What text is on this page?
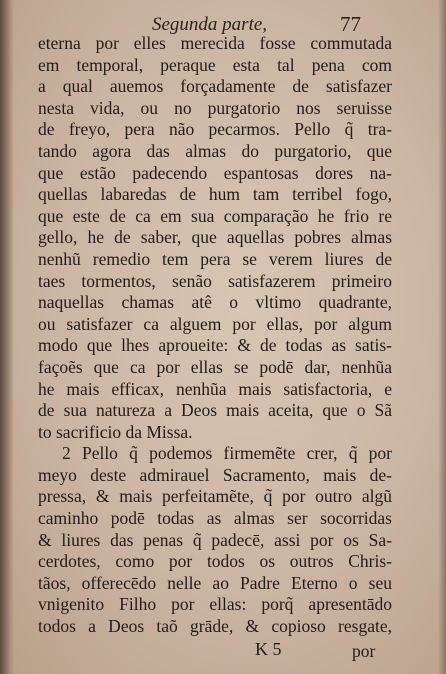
Segunda parte,	77
eterna por elles merecida fosse commutada
em temporal, peraque esta tal pena com
a qual auemos forçadamente de satisfazer
nesta vida, ou no purgatorio nos seruisse
de freyo, pera não pecarmos. Pello q̃ tra-
tando agora das almas do purgatorio, que
que estão padecendo espantosas dores na-
quellas labaredas de hum tam terribel fogo,
que este de ca em sua comparação he frio re
gello, he de saber, que aquellas pobres almas
nenhũ remedio tem pera se verem liures de
taes tormentos, senão satisfazerem primeiro
naquellas chamas atê o vltimo quadrante,
ou satisfazer ca alguem por ellas, por algum
modo que lhes aproueite: & de todas as satis-
façoẽs que ca por ellas se podē dar, nenhũa
he mais efficax, nenhũa mais satisfactoria, e
de sua natureza a Deos mais aceita, que o Sã
to sacrificio da Missa.
2 Pello q̃ podemos firmemẽte crer, q̃ por
meyo deste admirauel Sacramento, mais de-
pressa, & mais perfeitamẽte, q̃ por outro algũ
caminho podē todas as almas ser socorridas
& liures das penas q̃ padecē, assi por os Sa-
cerdotes, como por todos os outros Chris-
tãos, offerecēdo nelle ao Padre Eterno o seu
vnigenito Filho por ellas: porq̃ apresentādo
todos a Deos taõ grāde, & copioso resgate,
K 5	por
